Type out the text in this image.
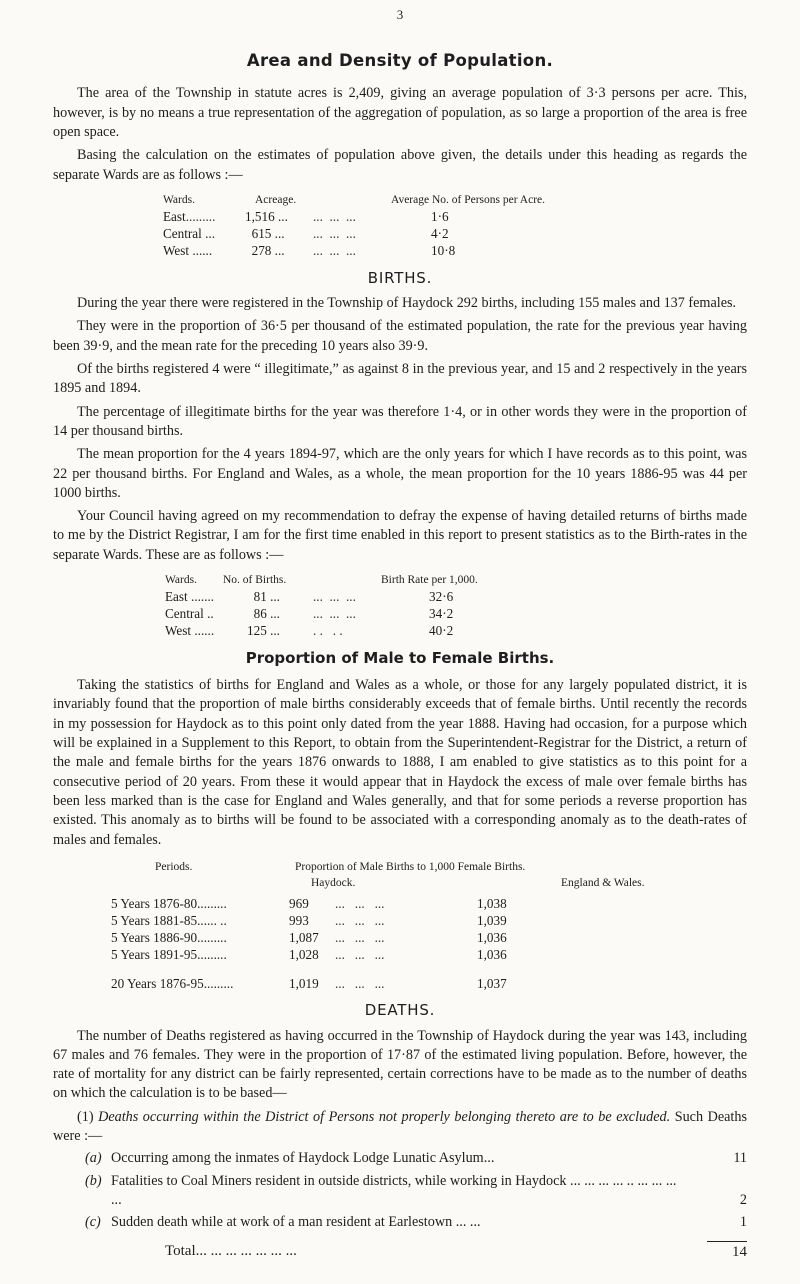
3
Area and Density of Population.

The area of the Township in statute acres is 2,409, giving an average population of 3·3 persons per acre. This, however, is by no means a true representation of the aggregation of population, as so large a proportion of the area is free open space.

Basing the calculation on the estimates of population above given, the details under this heading as regards the separate Wards are as follows :—

Wards.	Acreage.	Average No. of Persons per Acre.
East.........	1,516 ...	...  ...  ...	1·6
Central ...	615 ...	...  ...  ...	4·2
West ......	278 ...	...  ...  ...	10·8
BIRTHS.

During the year there were registered in the Township of Haydock 292 births, including 155 males and 137 females.

They were in the proportion of 36·5 per thousand of the estimated population, the rate for the previous year having been 39·9, and the mean rate for the preceding 10 years also 39·9.

Of the births registered 4 were “ illegitimate,” as against 8 in the previous year, and 15 and 2 respectively in the years 1895 and 1894.

The percentage of illegitimate births for the year was therefore 1·4, or in other words they were in the proportion of 14 per thousand births.

The mean proportion for the 4 years 1894-97, which are the only years for which I have records as to this point, was 22 per thousand births. For England and Wales, as a whole, the mean proportion for the 10 years 1886-95 was 44 per 1000 births.

Your Council having agreed on my recommendation to defray the expense of having detailed returns of births made to me by the District Registrar, I am for the first time enabled in this report to present statistics as to the Birth-rates in the separate Wards. These are as follows :—

Wards.	No. of Births.	Birth Rate per 1,000.
East .......	81 ...	...  ...  ...	32·6
Central ..	86 ...	...  ...  ...	34·2
West ......	125 ...	. .   . .	40·2
Proportion of Male to Female Births.

Taking the statistics of births for England and Wales as a whole, or those for any largely populated district, it is invariably found that the proportion of male births considerably exceeds that of female births. Until recently the records in my possession for Haydock as to this point only dated from the year 1888. Having had occasion, for a purpose which will be explained in a Supplement to this Report, to obtain from the Superintendent-Registrar for the District, a return of the male and female births for the years 1876 onwards to 1888, I am enabled to give statistics as to this point for a consecutive period of 20 years. From these it would appear that in Haydock the excess of male over female births has been less marked than is the case for England and Wales generally, and that for some periods a reverse proportion has existed. This anomaly as to births will be found to be associated with a corresponding anomaly as to the death-rates of males and females.

Periods.	Proportion of Male Births to 1,000 Female Births.
Haydock.	England & Wales.
5 Years 1876-80.........	969	...   ...   ...	1,038
5 Years 1881-85...... ..	993	...   ...   ...	1,039
5 Years 1886-90.........	1,087	...   ...   ...	1,036
5 Years 1891-95.........	1,028	...   ...   ...	1,036
20 Years 1876-95.........	1,019	...   ...   ...	1,037
DEATHS.

The number of Deaths registered as having occurred in the Township of Haydock during the year was 143, including 67 males and 76 females. They were in the proportion of 17·87 of the estimated living population. Before, however, the rate of mortality for any district can be fairly represented, certain corrections have to be made as to the number of deaths on which the calculation is to be based—

(1) Deaths occurring within the District of Persons not properly belonging thereto are to be excluded. Such Deaths were :—

(a) Occurring among the inmates of Haydock Lodge Lunatic Asylum...	11
(b) Fatalities to Coal Miners resident in outside districts, while working in Haydock ... ... ... ... .. ... ... ... ...	2
(c) Sudden death while at work of a man resident at Earlestown ... ...	1
Total... ... ... ... ... ... ...	14
